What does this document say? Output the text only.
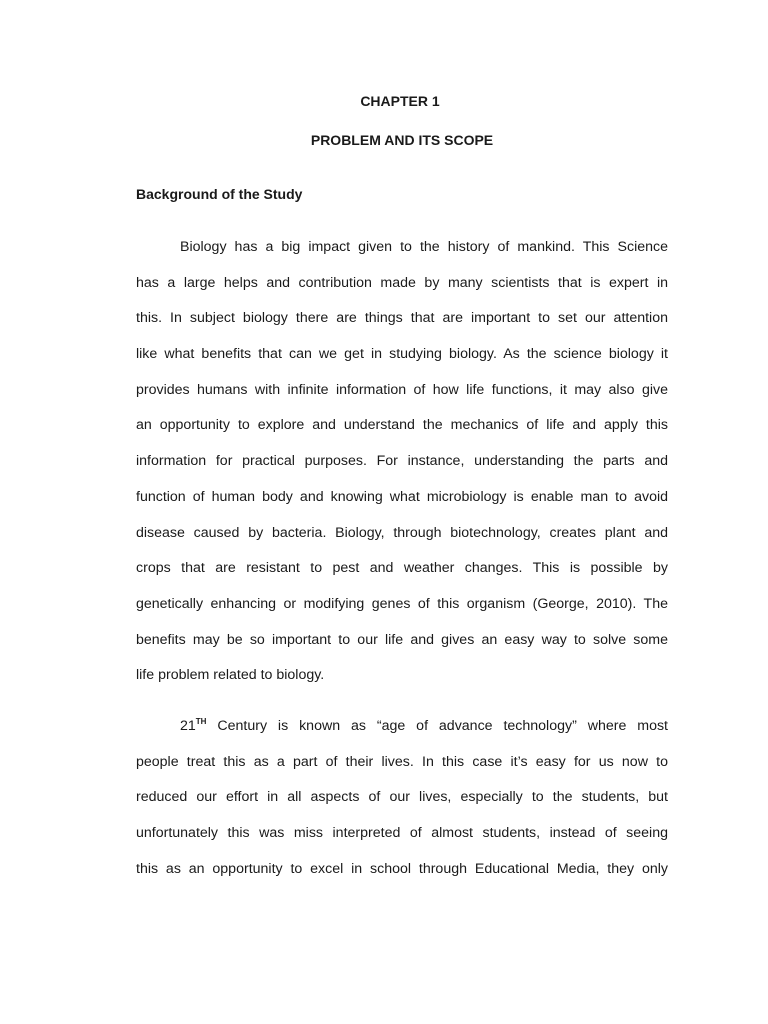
CHAPTER 1
PROBLEM AND ITS SCOPE
Background of the Study
Biology has a big impact given to the history of mankind. This Science
has a large helps and contribution made by many scientists that is expert in
this. In subject biology there are things that are important to set our attention
like what benefits that can we get in studying biology. As the science biology it
provides humans with infinite information of how life functions, it may also give
an opportunity to explore and understand the mechanics of life and apply this
information for practical purposes. For instance, understanding the parts and
function of human body and knowing what microbiology is enable man to avoid
disease caused by bacteria. Biology, through biotechnology, creates plant and
crops that are resistant to pest and weather changes. This is possible by
genetically enhancing or modifying genes of this organism (George, 2010). The
benefits may be so important to our life and gives an easy way to solve some
life problem related to biology.
21TH Century is known as “age of advance technology” where most
people treat this as a part of their lives. In this case it’s easy for us now to
reduced our effort in all aspects of our lives, especially to the students, but
unfortunately this was miss interpreted of almost students, instead of seeing
this as an opportunity to excel in school through Educational Media, they only
